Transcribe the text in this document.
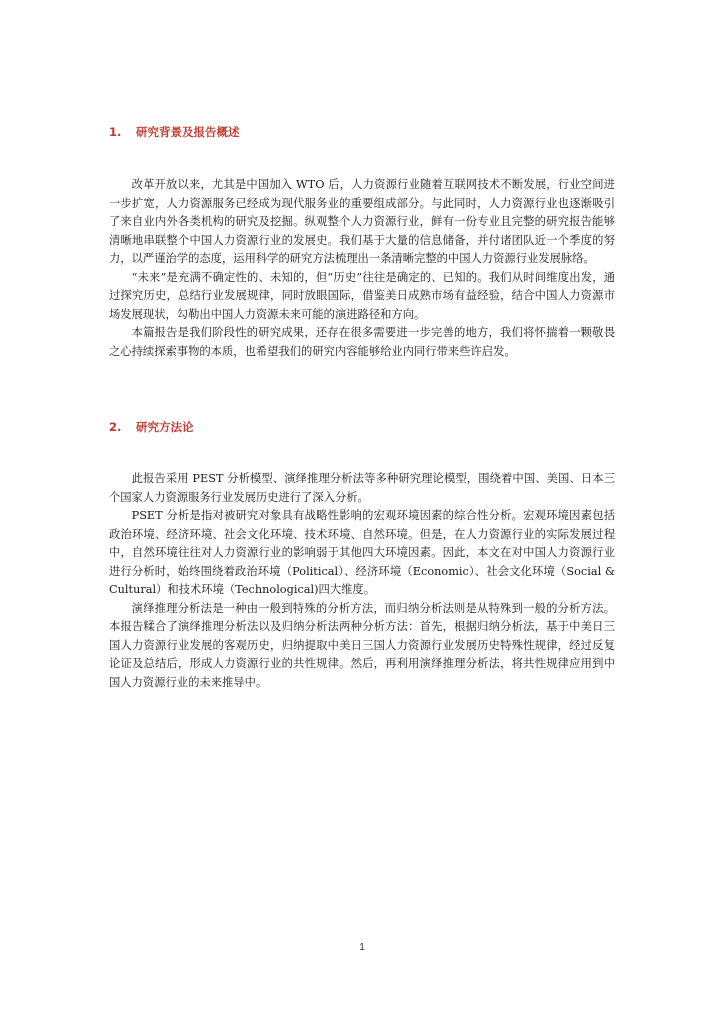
1. 研究背景及报告概述

改革开放以来，尤其是中国加入 WTO 后，人力资源行业随着互联网技术不断发展，行业空间进一步扩宽，人力资源服务已经成为现代服务业的重要组成部分。与此同时，人力资源行业也逐渐吸引了来自业内外各类机构的研究及挖掘。纵观整个人力资源行业，鲜有一份专业且完整的研究报告能够清晰地串联整个中国人力资源行业的发展史。我们基于大量的信息储备，并付诸团队近一个季度的努力，以严谨治学的态度，运用科学的研究方法梳理出一条清晰完整的中国人力资源行业发展脉络。

“未来”是充满不确定性的、未知的，但“历史”往往是确定的、已知的。我们从时间维度出发，通过探究历史，总结行业发展规律，同时放眼国际，借鉴美日成熟市场有益经验，结合中国人力资源市场发展现状，勾勒出中国人力资源未来可能的演进路径和方向。

本篇报告是我们阶段性的研究成果，还存在很多需要进一步完善的地方，我们将怀揣着一颗敬畏之心持续探索事物的本质，也希望我们的研究内容能够给业内同行带来些许启发。

2. 研究方法论

此报告采用 PEST 分析模型、演绎推理分析法等多种研究理论模型，围绕着中国、美国、日本三个国家人力资源服务行业发展历史进行了深入分析。

PSET 分析是指对被研究对象具有战略性影响的宏观环境因素的综合性分析。宏观环境因素包括政治环境、经济环境、社会文化环境、技术环境、自然环境。但是，在人力资源行业的实际发展过程中，自然环境往往对人力资源行业的影响弱于其他四大环境因素。因此，本文在对中国人力资源行业进行分析时，始终围绕着政治环境（Political）、经济环境（Economic）、社会文化环境（Social & Cultural）和技术环境（Technological)四大维度。

演绎推理分析法是一种由一般到特殊的分析方法，而归纳分析法则是从特殊到一般的分析方法。本报告糅合了演绎推理分析法以及归纳分析法两种分析方法：首先，根据归纳分析法，基于中美日三国人力资源行业发展的客观历史，归纳提取中美日三国人力资源行业发展历史特殊性规律，经过反复论证及总结后，形成人力资源行业的共性规律。然后，再利用演绎推理分析法，将共性规律应用到中国人力资源行业的未来推导中。

1
